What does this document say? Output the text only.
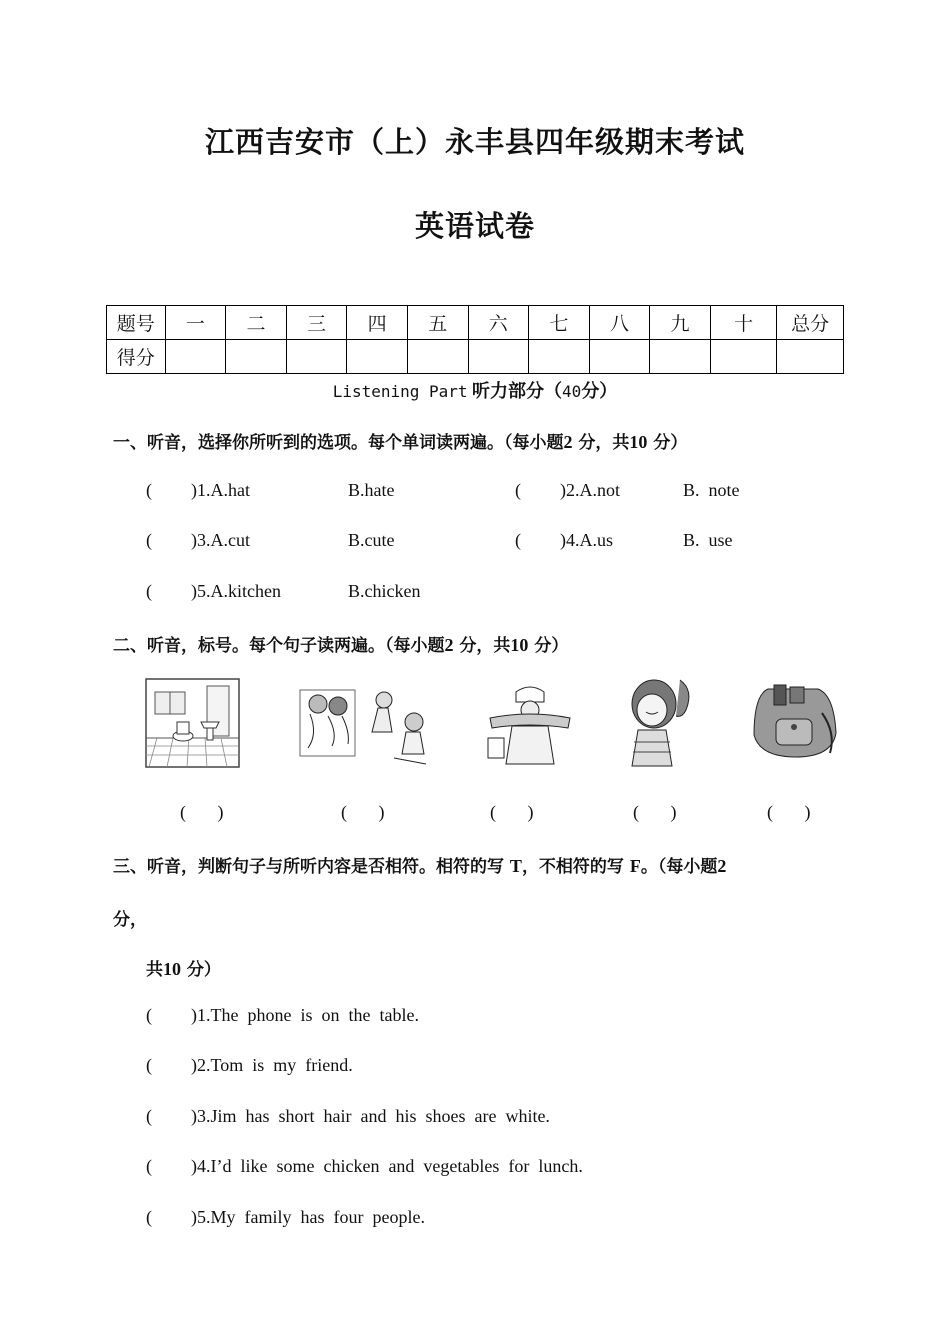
江西吉安市（上）永丰县四年级期末考试
英语试卷
题号	一	二	三	四	五	六	七	八	九	十	总分
得分											
Listening Part 听力部分（40分）
一、听音，选择你所听到的选项。每个单词读两遍。（每小题2 分，共10 分）
( )1.A.hat	B.hate	( )2.A.not	B.  note
( )3.A.cut	B.cute	( )4.A.us	B.  use
( )5.A.kitchen	B.chicken
二、听音，标号。每个句子读两遍。（每小题2 分，共10 分）
(       )	(       )	(       )	(       )	(       )
三、听音，判断句子与所听内容是否相符。相符的写 T，不相符的写 F。（每小题2
分，
共10 分）
( )1.The  phone  is  on  the  table.
( )2.Tom  is  my  friend.
( )3.Jim  has  short  hair  and  his  shoes  are  white.
( )4.I’d  like  some  chicken  and  vegetables  for  lunch.
( )5.My  family  has  four  people.
